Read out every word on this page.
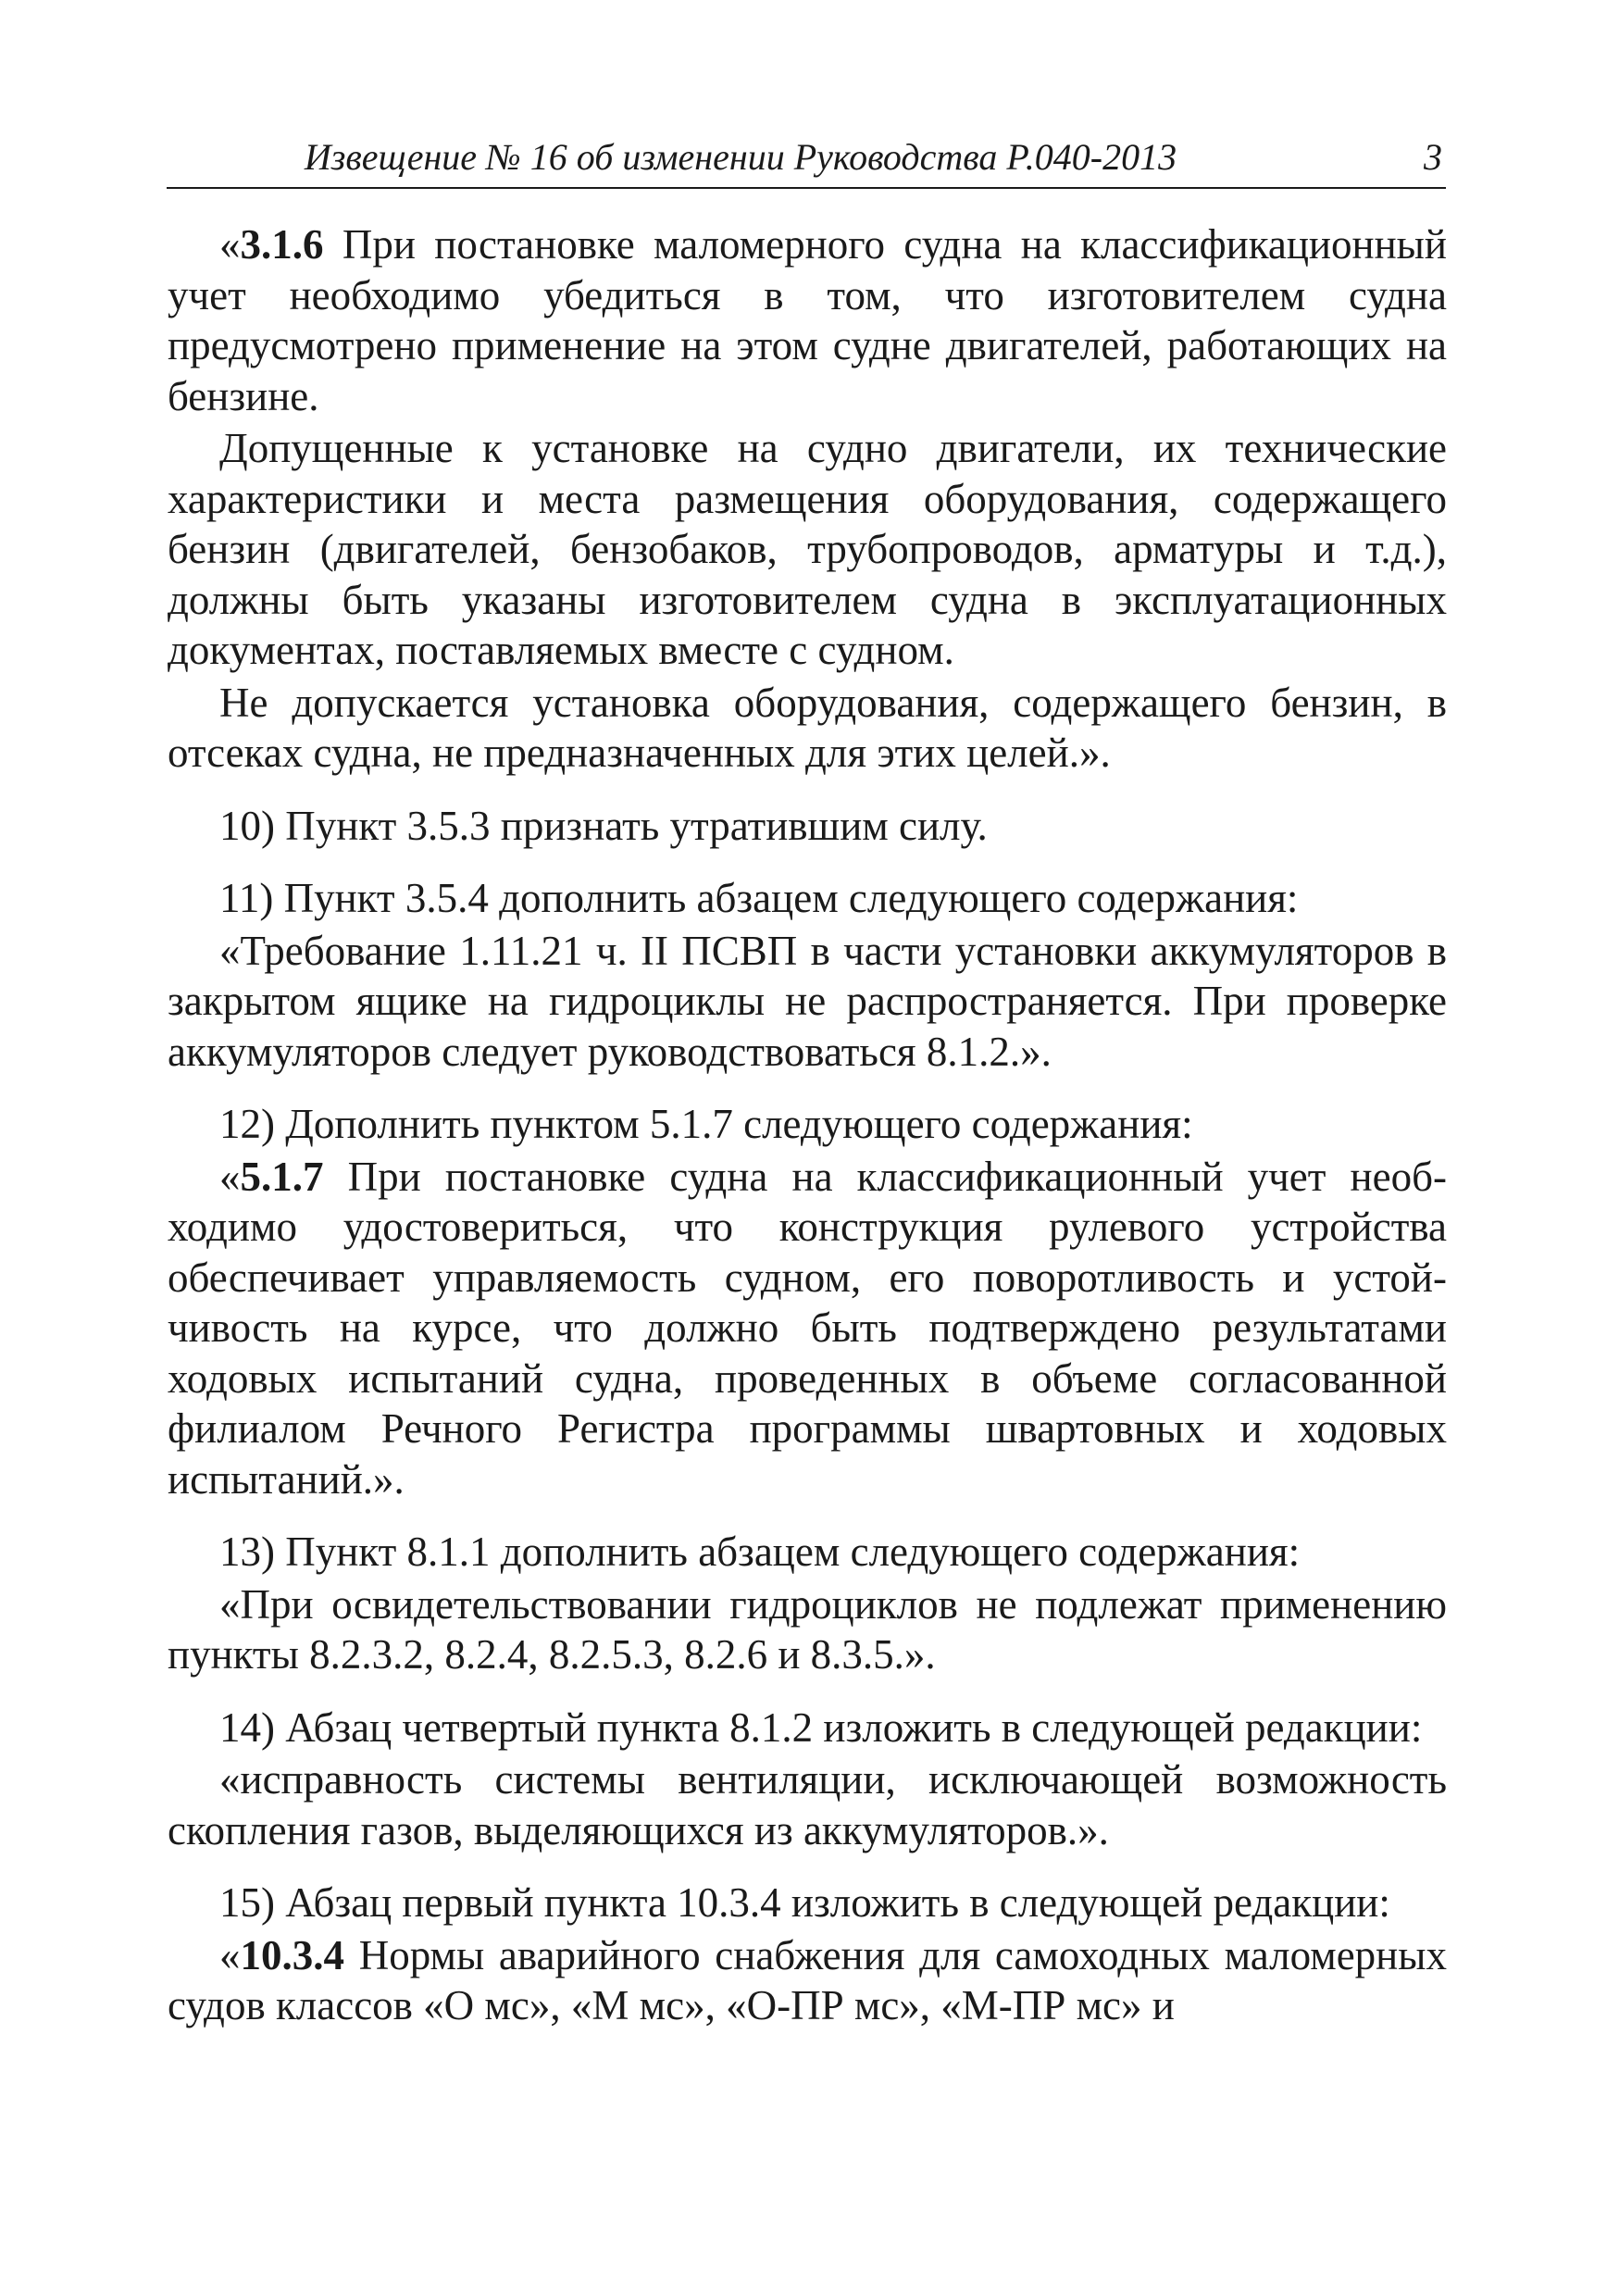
Извещение № 16 об изменении Руководства Р.040-2013	3

«3.1.6 При постановке маломерного судна на классификационный учет необходимо убедиться в том, что изготовителем судна предусмотрено применение на этом судне двигателей, работающих на бензине.

Допущенные к установке на судно двигатели, их технические характеристики и места размещения оборудования, содержащего бензин (двигателей, бензобаков, трубопроводов, арматуры и т.д.), должны быть указаны изготовителем судна в эксплуатационных документах, поставляемых вместе с судном.

Не допускается установка оборудования, содержащего бензин, в отсеках судна, не предназначенных для этих целей.».

10) Пункт 3.5.3 признать утратившим силу.

11) Пункт 3.5.4 дополнить абзацем следующего содержания:

«Требование 1.11.21 ч. II ПСВП в части установки аккумуляторов в закрытом ящике на гидроциклы не распространяется. При проверке аккумуляторов следует руководствоваться 8.1.2.».

12) Дополнить пунктом 5.1.7 следующего содержания:

«5.1.7 При постановке судна на классификационный учет необходимо удостовериться, что конструкция рулевого устройства обеспечивает управляемость судном, его поворотливость и устойчивость на курсе, что должно быть подтверждено результатами ходовых испытаний судна, проведенных в объеме согласованной филиалом Речного Регистра программы швартовных и ходовых испытаний.».

13) Пункт 8.1.1 дополнить абзацем следующего содержания:

«При освидетельствовании гидроциклов не подлежат применению пункты 8.2.3.2, 8.2.4, 8.2.5.3, 8.2.6 и 8.3.5.».

14) Абзац четвертый пункта 8.1.2 изложить в следующей редакции:

«исправность системы вентиляции, исключающей возможность скопления газов, выделяющихся из аккумуляторов.».

15) Абзац первый пункта 10.3.4 изложить в следующей редакции:

«10.3.4 Нормы аварийного снабжения для самоходных маломерных судов классов «О мс», «М мс», «О-ПР мс», «М-ПР мс» и
